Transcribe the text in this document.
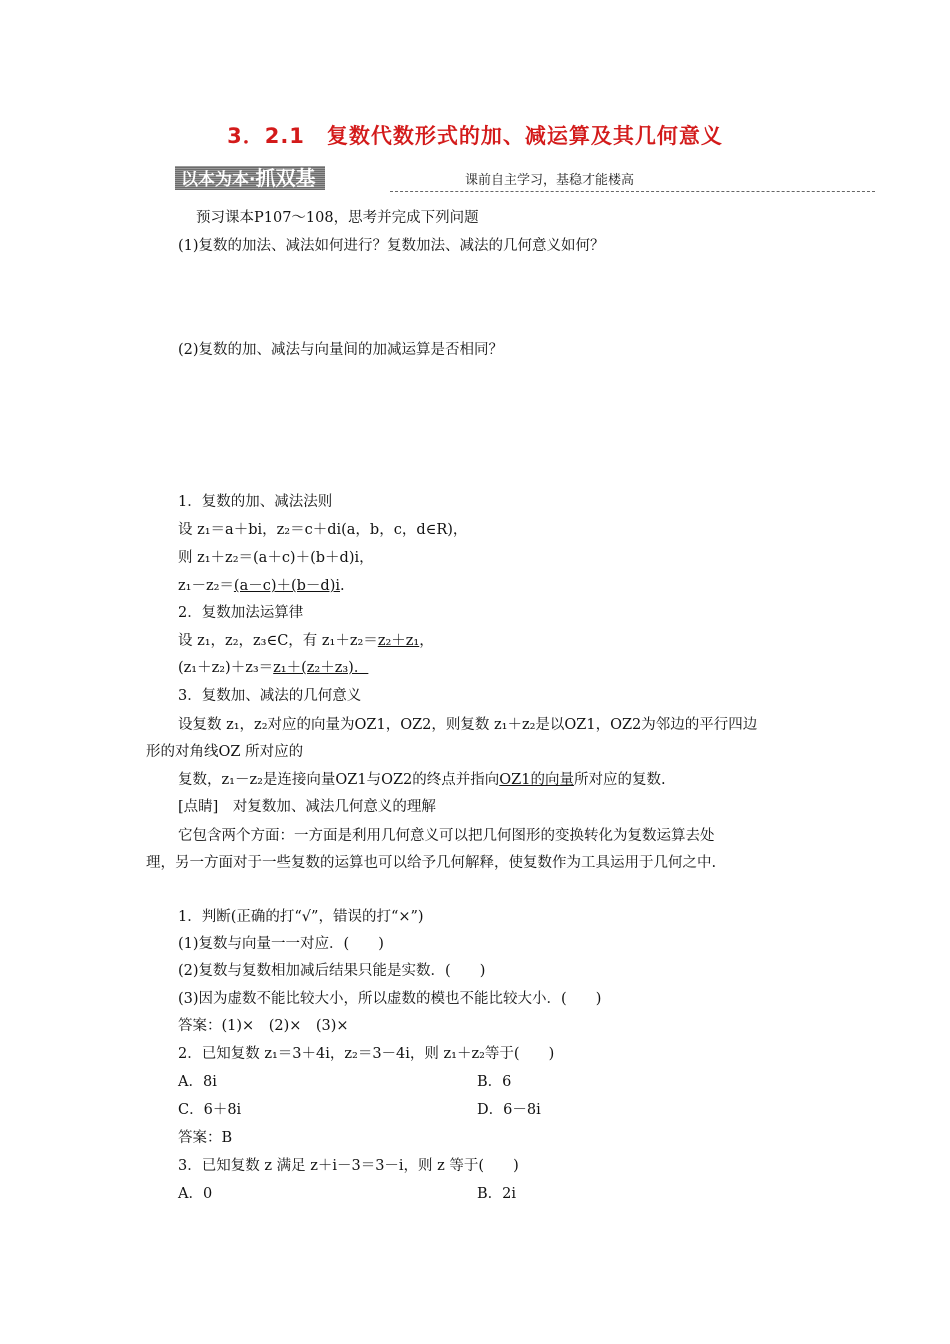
3．2.1　复数代数形式的加、减运算及其几何意义
以本为本·抓双基	课前自主学习，基稳才能楼高
预习课本P107～108，思考并完成下列问题
(1)复数的加法、减法如何进行？复数加法、减法的几何意义如何？
(2)复数的加、减法与向量间的加减运算是否相同？
1．复数的加、减法法则
设 z₁＝a＋bi，z₂＝c＋di(a，b，c，d∈R)，
则 z₁＋z₂＝(a＋c)＋(b＋d)i，
z₁－z₂＝(a－c)＋(b－d)i.
2．复数加法运算律
设 z₁，z₂，z₃∈C，有 z₁＋z₂＝z₂＋z₁，
(z₁＋z₂)＋z₃＝z₁＋(z₂＋z₃)．
3．复数加、减法的几何意义
设复数 z₁，z₂对应的向量为OZ1，OZ2，则复数 z₁＋z₂是以OZ1，OZ2为邻边的平行四边
形的对角线OZ 所对应的
复数，z₁－z₂是连接向量OZ1与OZ2的终点并指向OZ1的向量所对应的复数.
[点睛]　对复数加、减法几何意义的理解
它包含两个方面：一方面是利用几何意义可以把几何图形的变换转化为复数运算去处
理，另一方面对于一些复数的运算也可以给予几何解释，使复数作为工具运用于几何之中.
1．判断(正确的打“√”，错误的打“×”)
(1)复数与向量一一对应．(　　)
(2)复数与复数相加减后结果只能是实数．(　　)
(3)因为虚数不能比较大小，所以虚数的模也不能比较大小．(　　)
答案：(1)×　(2)×　(3)×
2．已知复数 z₁＝3＋4i，z₂＝3－4i，则 z₁＋z₂等于(　　)
A．8i	B．6
C．6＋8i	D．6－8i
答案：B
3．已知复数 z 满足 z＋i－3＝3－i，则 z 等于(　　)
A．0	B．2i
